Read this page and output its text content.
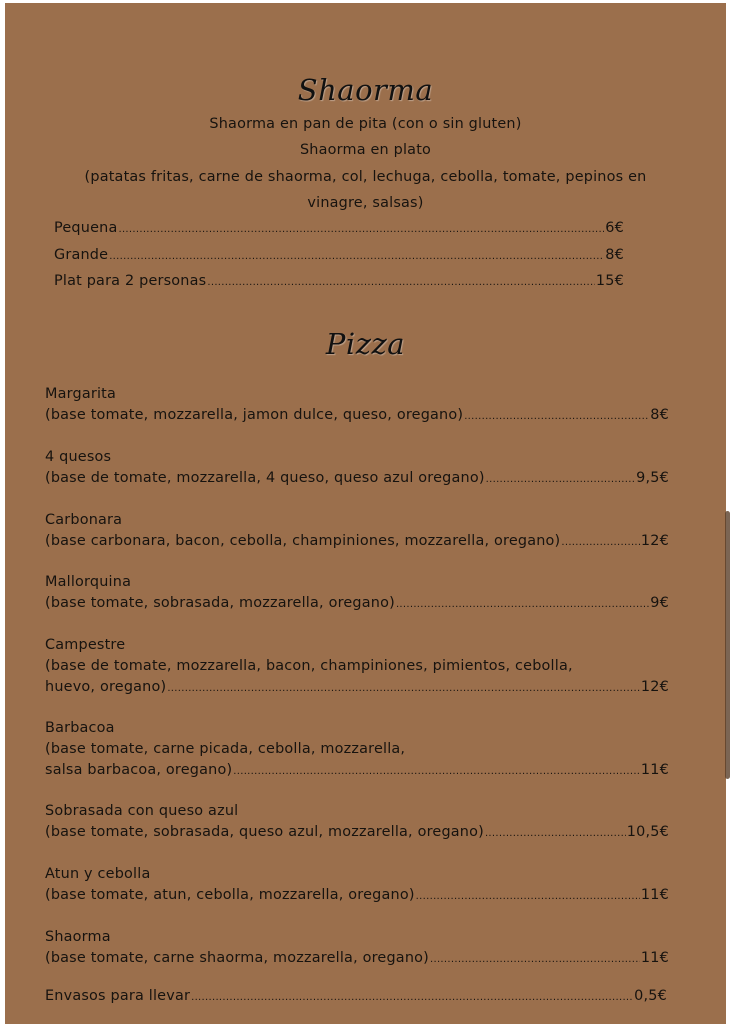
Shaorma
Shaorma en pan de pita (con o sin gluten)
Shaorma en plato
(patatas fritas, carne de shaorma, col, lechuga, cebolla, tomate, pepinos en
vinagre, salsas)
Pequena .....	6€
Grande .....	8€
Plat para 2 personas .....	15€
Pizza
Margarita
(base tomate, mozzarella, jamon dulce, queso, oregano) .....	8€
4 quesos
(base de tomate, mozzarella, 4 queso, queso azul oregano) .....	9,5€
Carbonara
(base carbonara, bacon, cebolla, champiniones, mozzarella, oregano) .....	12€
Mallorquina
(base tomate, sobrasada, mozzarella, oregano) .....	9€
Campestre
(base de tomate, mozzarella, bacon, champiniones, pimientos, cebolla,
huevo, oregano) .....	12€
Barbacoa
(base tomate, carne picada, cebolla, mozzarella,
salsa barbacoa, oregano) .....	11€
Sobrasada con queso azul
(base tomate, sobrasada, queso azul, mozzarella, oregano) .....	10,5€
Atun y cebolla
(base tomate, atun, cebolla, mozzarella, oregano) .....	11€
Shaorma
(base tomate, carne shaorma, mozzarella, oregano) .....	11€
Envasos para llevar .....	0,5€
